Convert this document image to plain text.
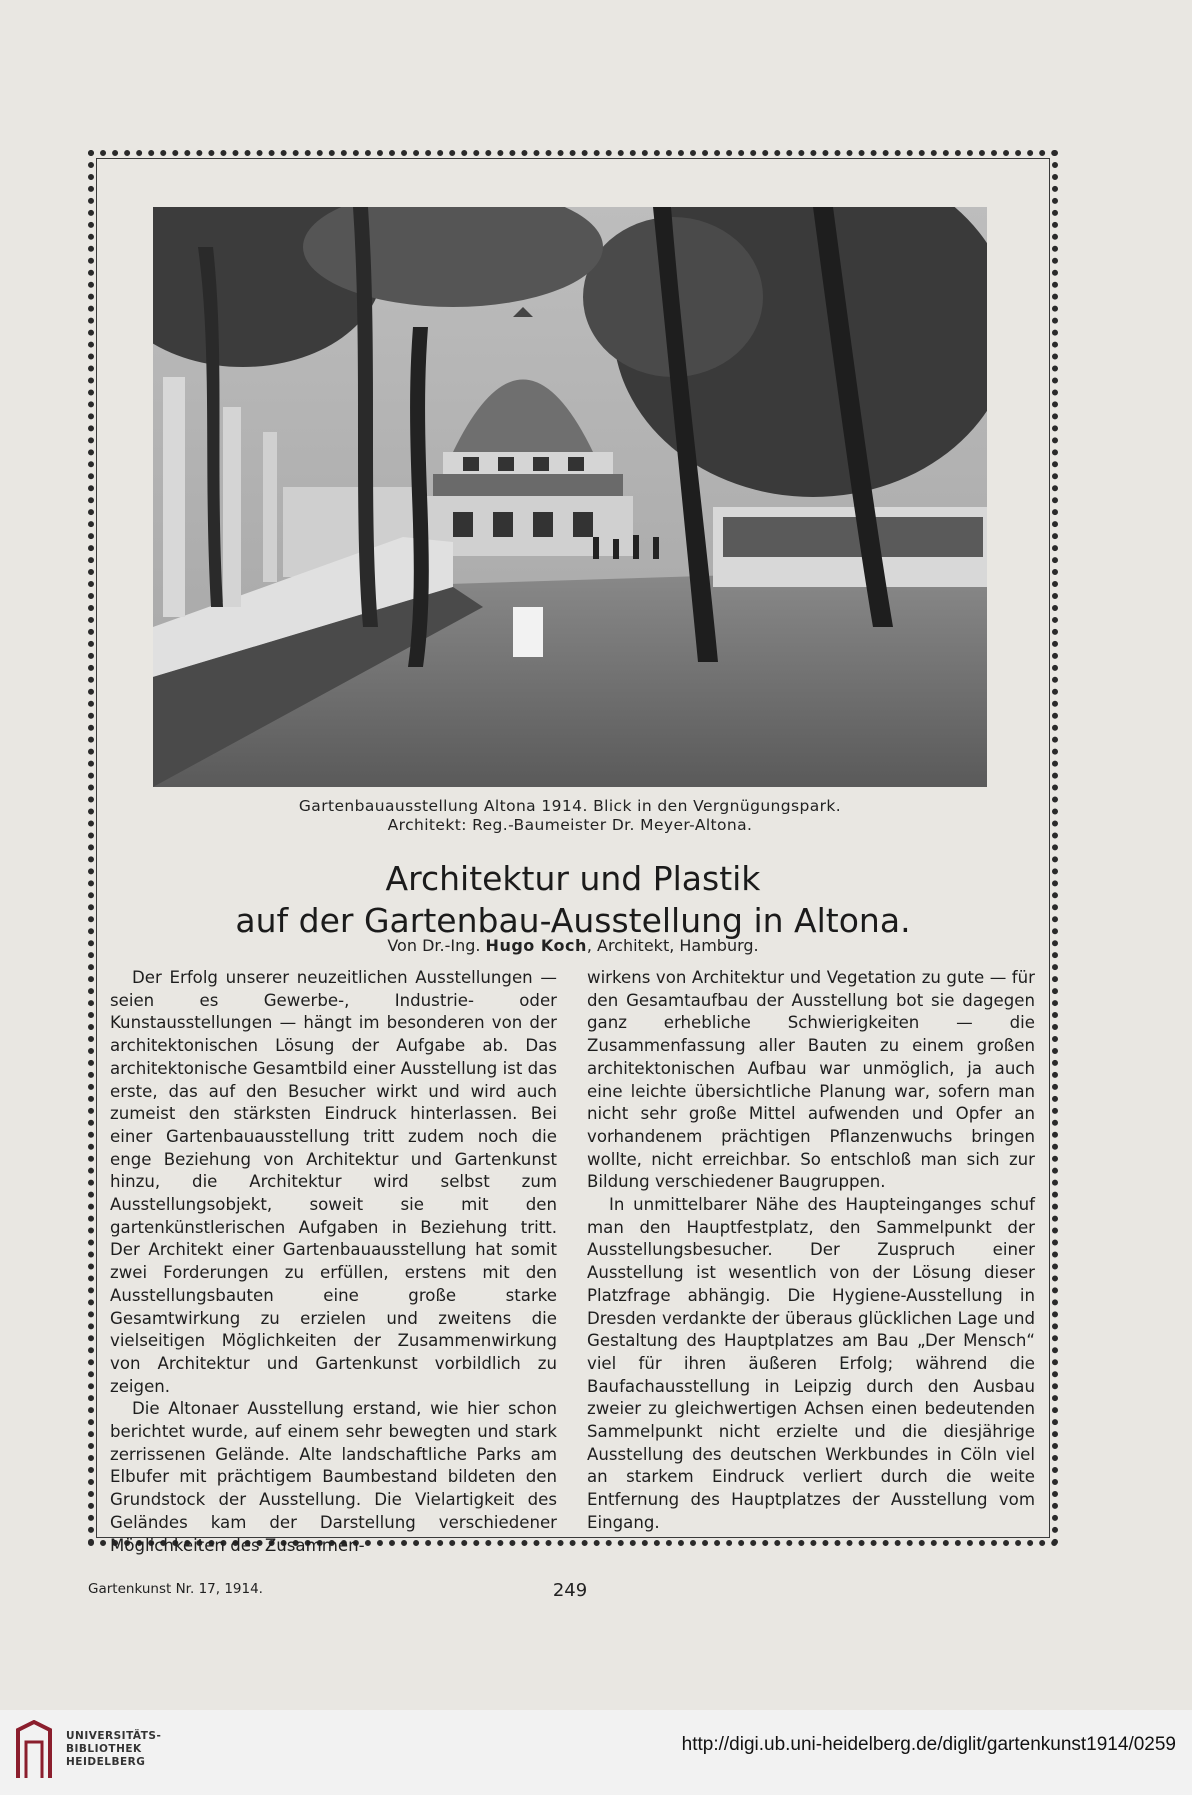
Gartenbauausstellung Altona 1914. Blick in den Vergnügungspark.
Architekt: Reg.-Baumeister Dr. Meyer-Altona.
Architektur und Plastik
auf der Gartenbau-Ausstellung in Altona.
Von Dr.-Ing. Hugo Koch, Architekt, Hamburg.

Der Erfolg unserer neuzeitlichen Ausstellungen — seien es Gewerbe-, Industrie- oder Kunstausstellungen — hängt im besonderen von der architektonischen Lösung der Aufgabe ab. Das architektonische Gesamtbild einer Ausstellung ist das erste, das auf den Besucher wirkt und wird auch zumeist den stärksten Eindruck hinterlassen. Bei einer Gartenbauausstellung tritt zudem noch die enge Beziehung von Architektur und Gartenkunst hinzu, die Architektur wird selbst zum Ausstellungsobjekt, soweit sie mit den gartenkünstlerischen Aufgaben in Beziehung tritt. Der Architekt einer Gartenbauausstellung hat somit zwei Forderungen zu erfüllen, erstens mit den Ausstellungsbauten eine große starke Gesamtwirkung zu erzielen und zweitens die vielseitigen Möglichkeiten der Zusammenwirkung von Architektur und Gartenkunst vorbildlich zu zeigen.

Die Altonaer Ausstellung erstand, wie hier schon berichtet wurde, auf einem sehr bewegten und stark zerrissenen Gelände. Alte landschaftliche Parks am Elbufer mit prächtigem Baumbestand bildeten den Grundstock der Ausstellung. Die Vielartigkeit des Geländes kam der Darstellung verschiedener Möglichkeiten des Zusammen-

wirkens von Architektur und Vegetation zu gute — für den Gesamtaufbau der Ausstellung bot sie dagegen ganz erhebliche Schwierigkeiten — die Zusammenfassung aller Bauten zu einem großen architektonischen Aufbau war unmöglich, ja auch eine leichte übersichtliche Planung war, sofern man nicht sehr große Mittel aufwenden und Opfer an vorhandenem prächtigen Pflanzenwuchs bringen wollte, nicht erreichbar. So entschloß man sich zur Bildung verschiedener Baugruppen.

In unmittelbarer Nähe des Haupteinganges schuf man den Hauptfestplatz, den Sammelpunkt der Ausstellungsbesucher. Der Zuspruch einer Ausstellung ist wesentlich von der Lösung dieser Platzfrage abhängig. Die Hygiene-Ausstellung in Dresden verdankte der überaus glücklichen Lage und Gestaltung des Hauptplatzes am Bau „Der Mensch“ viel für ihren äußeren Erfolg; während die Baufachausstellung in Leipzig durch den Ausbau zweier zu gleichwertigen Achsen einen bedeutenden Sammelpunkt nicht erzielte und die diesjährige Ausstellung des deutschen Werkbundes in Cöln viel an starkem Eindruck verliert durch die weite Entfernung des Hauptplatzes der Ausstellung vom Eingang.

Gartenkunst Nr. 17, 1914.	249
UNIVERSITÄTS-
BIBLIOTHEK
HEIDELBERG
http://digi.ub.uni-heidelberg.de/diglit/gartenkunst1914/0259
